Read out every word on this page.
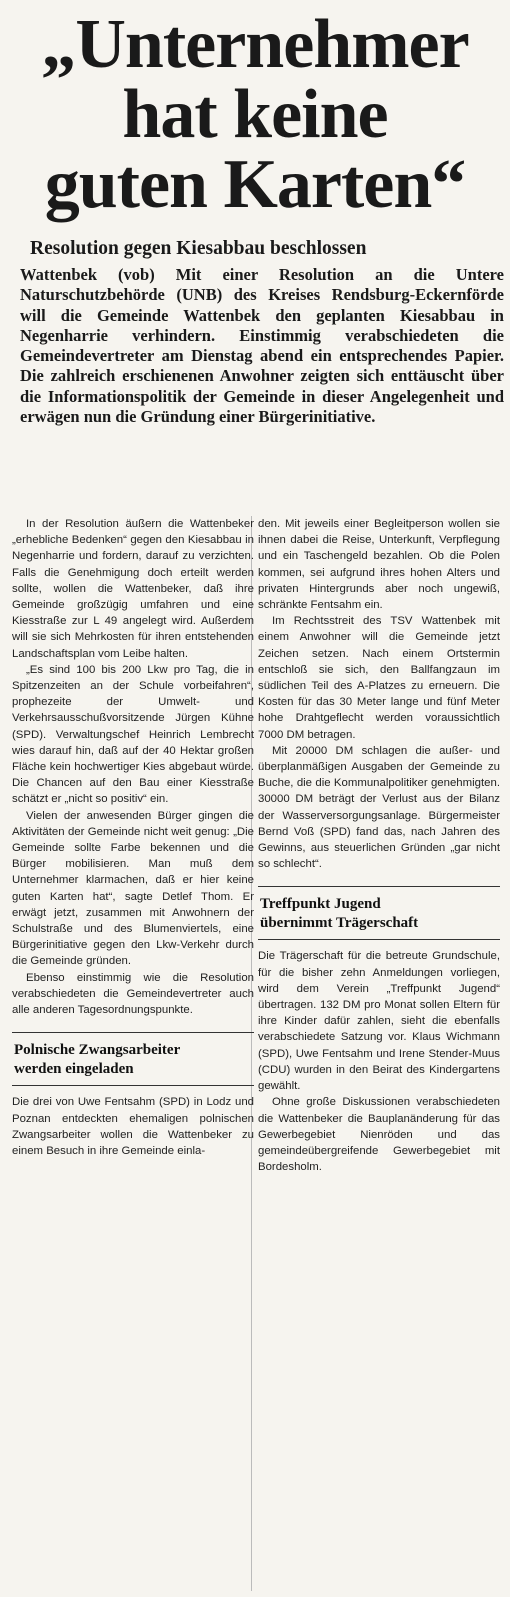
„Unternehmer
hat keine
guten Karten“
Resolution gegen Kiesabbau beschlossen
Wattenbek (vob) Mit einer Resolution an die Untere Naturschutzbehörde (UNB) des Kreises Rendsburg-Eckernförde will die Gemeinde Wattenbek den geplanten Kiesabbau in Negenharrie verhindern. Einstimmig verabschiedeten die Gemeindevertreter am Dienstag abend ein entsprechendes Papier. Die zahlreich erschienenen Anwohner zeigten sich enttäuscht über die Informationspolitik der Gemeinde in dieser Angelegenheit und erwägen nun die Gründung einer Bürgerinitiative.

In der Resolution äußern die Wattenbeker „erhebliche Bedenken“ gegen den Kiesabbau in Negenharrie und fordern, darauf zu verzichten. Falls die Genehmigung doch erteilt werden sollte, wollen die Wattenbeker, daß ihre Gemeinde großzügig umfahren und eine Kiesstraße zur L 49 angelegt wird. Außerdem will sie sich Mehrkosten für ihren entstehenden Landschaftsplan vom Leibe halten.

„Es sind 100 bis 200 Lkw pro Tag, die in Spitzenzeiten an der Schule vorbeifahren“, prophezeite der Umwelt- und Verkehrsausschußvorsitzende Jürgen Kühne (SPD). Verwaltungschef Heinrich Lembrecht wies darauf hin, daß auf der 40 Hektar großen Fläche kein hochwertiger Kies abgebaut würde. Die Chancen auf den Bau einer Kiesstraße schätzt er „nicht so positiv“ ein.

Vielen der anwesenden Bürger gingen die Aktivitäten der Gemeinde nicht weit genug: „Die Gemeinde sollte Farbe bekennen und die Bürger mobilisieren. Man muß dem Unternehmer klarmachen, daß er hier keine guten Karten hat“, sagte Detlef Thom. Er erwägt jetzt, zusammen mit Anwohnern der Schulstraße und des Blumenviertels, eine Bürgerinitiative gegen den Lkw-Verkehr durch die Gemeinde gründen.

Ebenso einstimmig wie die Resolution verabschiedeten die Gemeindevertreter auch alle anderen Tagesordnungspunkte.

Polnische Zwangsarbeiter
werden eingeladen

Die drei von Uwe Fentsahm (SPD) in Lodz und Poznan entdeckten ehemaligen polnischen Zwangsarbeiter wollen die Wattenbeker zu einem Besuch in ihre Gemeinde einla-

den. Mit jeweils einer Begleitperson wollen sie ihnen dabei die Reise, Unterkunft, Verpflegung und ein Taschengeld bezahlen. Ob die Polen kommen, sei aufgrund ihres hohen Alters und privaten Hintergrunds aber noch ungewiß, schränkte Fentsahm ein.

Im Rechtsstreit des TSV Wattenbek mit einem Anwohner will die Gemeinde jetzt Zeichen setzen. Nach einem Ortstermin entschloß sie sich, den Ballfangzaun im südlichen Teil des A-Platzes zu erneuern. Die Kosten für das 30 Meter lange und fünf Meter hohe Drahtgeflecht werden voraussichtlich 7000 DM betragen.

Mit 20000 DM schlagen die außer- und überplanmäßigen Ausgaben der Gemeinde zu Buche, die die Kommunalpolitiker genehmigten. 30000 DM beträgt der Verlust aus der Bilanz der Wasserversorgungsanlage. Bürgermeister Bernd Voß (SPD) fand das, nach Jahren des Gewinns, aus steuerlichen Gründen „gar nicht so schlecht“.

Treffpunkt Jugend
übernimmt Trägerschaft

Die Trägerschaft für die betreute Grundschule, für die bisher zehn Anmeldungen vorliegen, wird dem Verein „Treffpunkt Jugend“ übertragen. 132 DM pro Monat sollen Eltern für ihre Kinder dafür zahlen, sieht die ebenfalls verabschiedete Satzung vor. Klaus Wichmann (SPD), Uwe Fentsahm und Irene Stender-Muus (CDU) wurden in den Beirat des Kindergartens gewählt.

Ohne große Diskussionen verabschiedeten die Wattenbeker die Bauplanänderung für das Gewerbegebiet Nienröden und das gemeindeübergreifende Gewerbegebiet mit Bordesholm.
